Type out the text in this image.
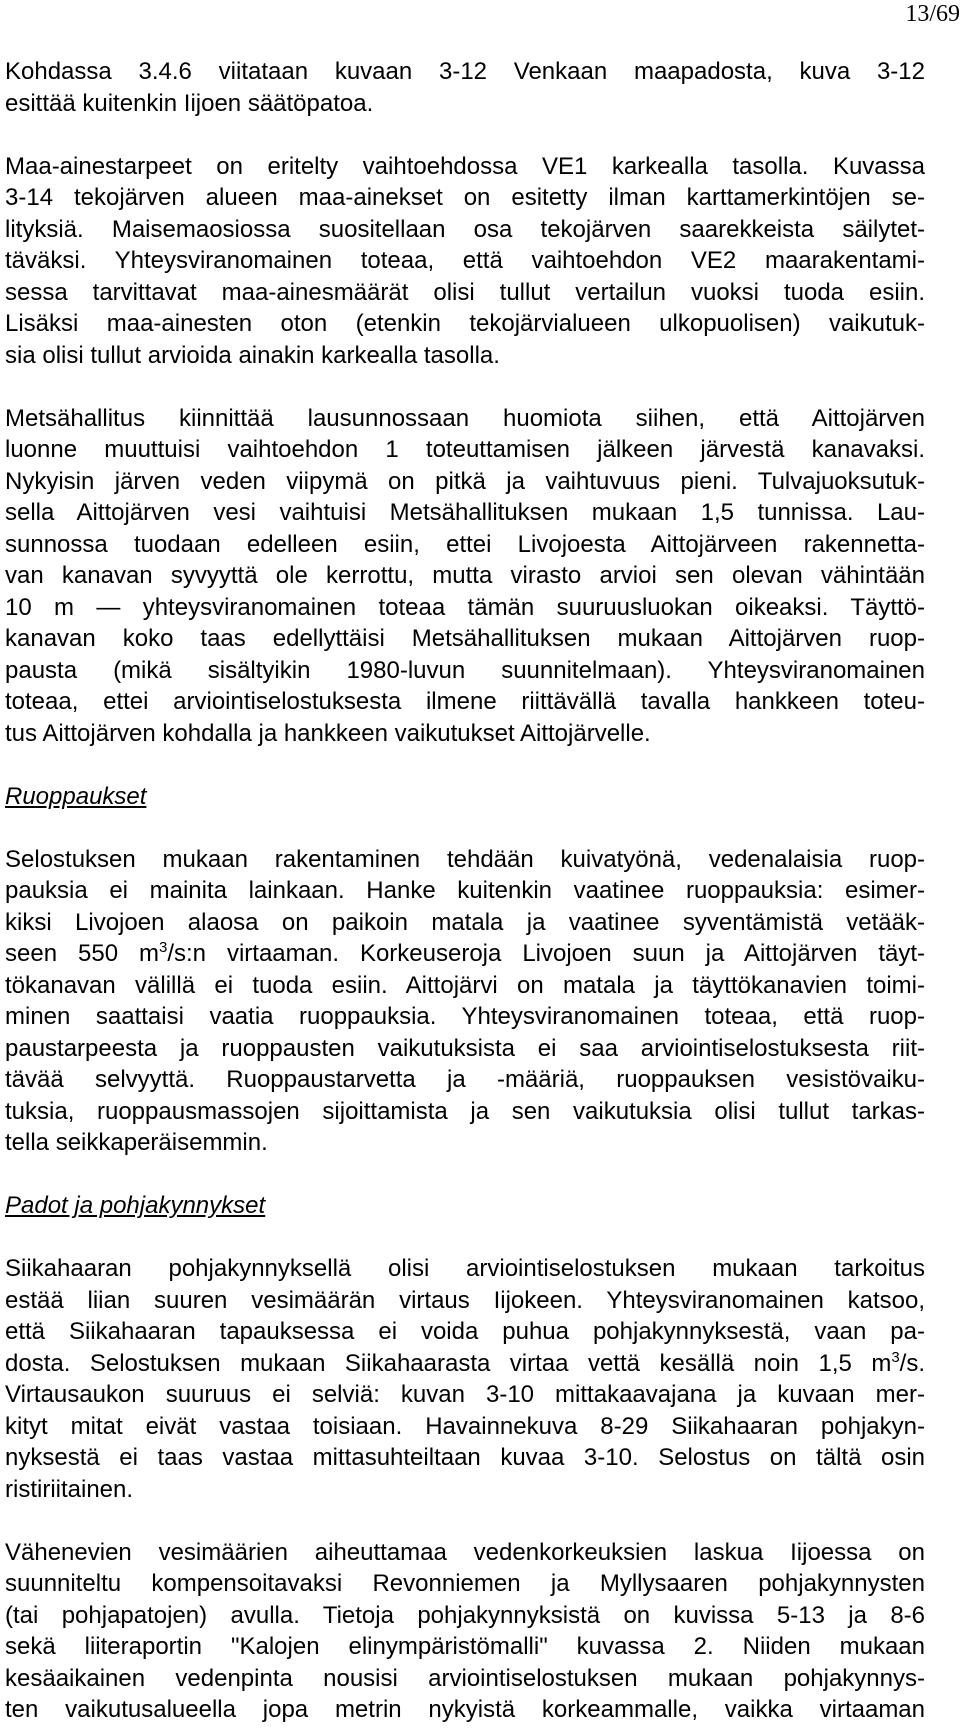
13/69
Kohdassa 3.4.6 viitataan kuvaan 3-12 Venkaan maapadosta, kuva 3-12
esittää kuitenkin Iijoen säätöpatoa.
Maa-ainestarpeet on eritelty vaihtoehdossa VE1 karkealla tasolla. Kuvassa
3-14 tekojärven alueen maa-ainekset on esitetty ilman karttamerkintöjen se-
lityksiä. Maisemaosiossa suositellaan osa tekojärven saarekkeista säilytet-
täväksi. Yhteysviranomainen toteaa, että vaihtoehdon VE2 maarakentami-
sessa tarvittavat maa-ainesmäärät olisi tullut vertailun vuoksi tuoda esiin.
Lisäksi maa-ainesten oton (etenkin tekojärvialueen ulkopuolisen) vaikutuk-
sia olisi tullut arvioida ainakin karkealla tasolla.
Metsähallitus kiinnittää lausunnossaan huomiota siihen, että Aittojärven
luonne muuttuisi vaihtoehdon 1 toteuttamisen jälkeen järvestä kanavaksi.
Nykyisin järven veden viipymä on pitkä ja vaihtuvuus pieni. Tulvajuoksutuk-
sella Aittojärven vesi vaihtuisi Metsähallituksen mukaan 1,5 tunnissa. Lau-
sunnossa tuodaan edelleen esiin, ettei Livojoesta Aittojärveen rakennetta-
van kanavan syvyyttä ole kerrottu, mutta virasto arvioi sen olevan vähintään
10 m — yhteysviranomainen toteaa tämän suuruusluokan oikeaksi. Täyttö-
kanavan koko taas edellyttäisi Metsähallituksen mukaan Aittojärven ruop-
pausta (mikä sisältyikin 1980-luvun suunnitelmaan). Yhteysviranomainen
toteaa, ettei arviointiselostuksesta ilmene riittävällä tavalla hankkeen toteu-
tus Aittojärven kohdalla ja hankkeen vaikutukset Aittojärvelle.
Ruoppaukset
Selostuksen mukaan rakentaminen tehdään kuivatyönä, vedenalaisia ruop-
pauksia ei mainita lainkaan. Hanke kuitenkin vaatinee ruoppauksia: esimer-
kiksi Livojoen alaosa on paikoin matala ja vaatinee syventämistä vetääk-
seen 550 $m^3/s:n$ virtaaman. Korkeuseroja Livojoen suun ja Aittojärven täyt-
tökanavan välillä ei tuoda esiin. Aittojärvi on matala ja täyttökanavien toimi-
minen saattaisi vaatia ruoppauksia. Yhteysviranomainen toteaa, että ruop-
paustarpeesta ja ruoppausten vaikutuksista ei saa arviointiselostuksesta riit-
tävää selvyyttä. Ruoppaustarvetta ja -määriä, ruoppauksen vesistövaiku-
tuksia, ruoppausmassojen sijoittamista ja sen vaikutuksia olisi tullut tarkas-
tella seikkaperäisemmin.
Padot ja pohjakynnykset
Siikahaaran pohjakynnyksellä olisi arviointiselostuksen mukaan tarkoitus
estää liian suuren vesimäärän virtaus Iijokeen. Yhteysviranomainen katsoo,
että Siikahaaran tapauksessa ei voida puhua pohjakynnyksestä, vaan pa-
dosta. Selostuksen mukaan Siikahaarasta virtaa vettä kesällä noin 1,5 $m^3/s$.
Virtausaukon suuruus ei selviä: kuvan 3-10 mittakaavajana ja kuvaan mer-
kityt mitat eivät vastaa toisiaan. Havainnekuva 8-29 Siikahaaran pohjakyn-
nyksestä ei taas vastaa mittasuhteiltaan kuvaa 3-10. Selostus on tältä osin
ristiriitainen.
Vähenevien vesimäärien aiheuttamaa vedenkorkeuksien laskua Iijoessa on
suunniteltu kompensoitavaksi Revonniemen ja Myllysaaren pohjakynnysten
(tai pohjapatojen) avulla. Tietoja pohjakynnyksistä on kuvissa 5-13 ja 8-6
sekä liiteraportin "Kalojen elinympäristömalli" kuvassa 2. Niiden mukaan
kesäaikainen vedenpinta nousisi arviointiselostuksen mukaan pohjakynnys-
ten vaikutusalueella jopa metrin nykyistä korkeammalle, vaikka virtaaman
